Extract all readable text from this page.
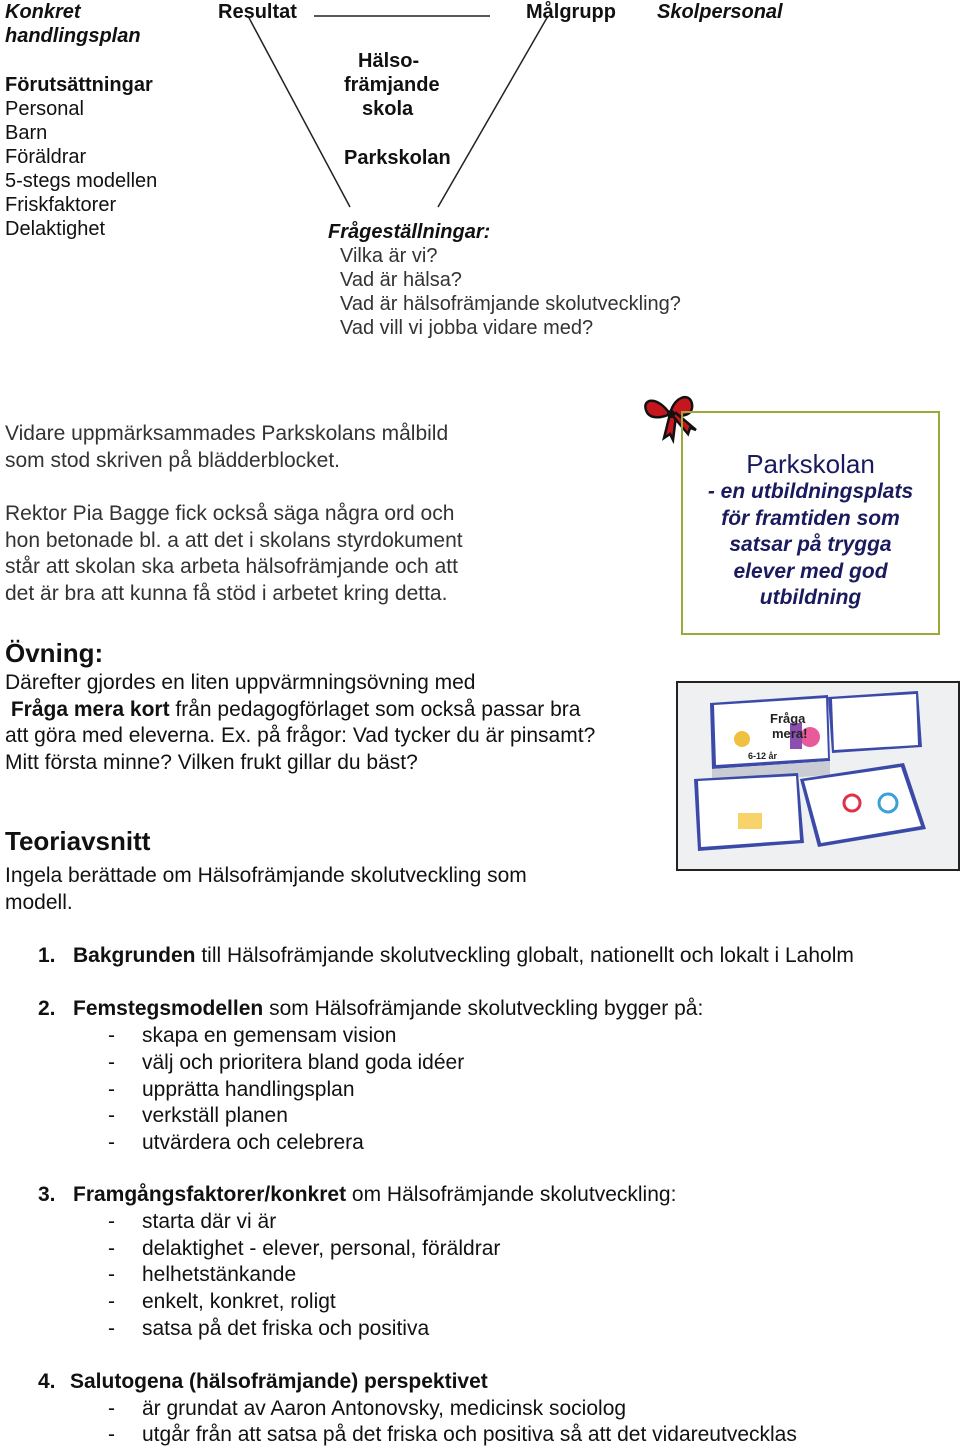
Konkret
handlingsplan
Resultat	Målgrupp Skolpersonal
Förutsättningar
Personal
Barn
Föräldrar
5-stegs modellen
Friskfaktorer
Delaktighet
Hälso-
främjande
skola
Parkskolan
Frågeställningar:
Vilka är vi?
Vad är hälsa?
Vad är hälsofrämjande skolutveckling?
Vad vill vi jobba vidare med?
Vidare uppmärksammades Parkskolans målbild
som stod skriven på blädderblocket.
Rektor Pia Bagge fick också säga några ord och
hon betonade bl. a att det i skolans styrdokument
står att skolan ska arbeta hälsofrämjande och att
det är bra att kunna få stöd i arbetet kring detta.
Parkskolan
- en utbildningsplats
för framtiden som
satsar på trygga
elever med god
utbildning
Övning:
Därefter gjordes en liten uppvärmningsövning med
Fråga mera kort från pedagogförlaget som också passar bra
att göra med eleverna. Ex. på frågor: Vad tycker du är pinsamt?
Mitt första minne? Vilken frukt gillar du bäst?
Fråga
mera!
6-12 år
Teoriavsnitt
Ingela berättade om Hälsofrämjande skolutveckling som
modell.
1. Bakgrunden till Hälsofrämjande skolutveckling globalt, nationellt och lokalt i Laholm
2. Femstegsmodellen som Hälsofrämjande skolutveckling bygger på:
- skapa en gemensam vision
- välj och prioritera bland goda idéer
- upprätta handlingsplan
- verkställ planen
- utvärdera och celebrera
3. Framgångsfaktorer/konkret om Hälsofrämjande skolutveckling:
- starta där vi är
- delaktighet - elever, personal, föräldrar
- helhetstänkande
- enkelt, konkret, roligt
- satsa på det friska och positiva
4. Salutogena (hälsofrämjande) perspektivet
- är grundat av Aaron Antonovsky, medicinsk sociolog
- utgår från att satsa på det friska och positiva så att det vidareutvecklas
